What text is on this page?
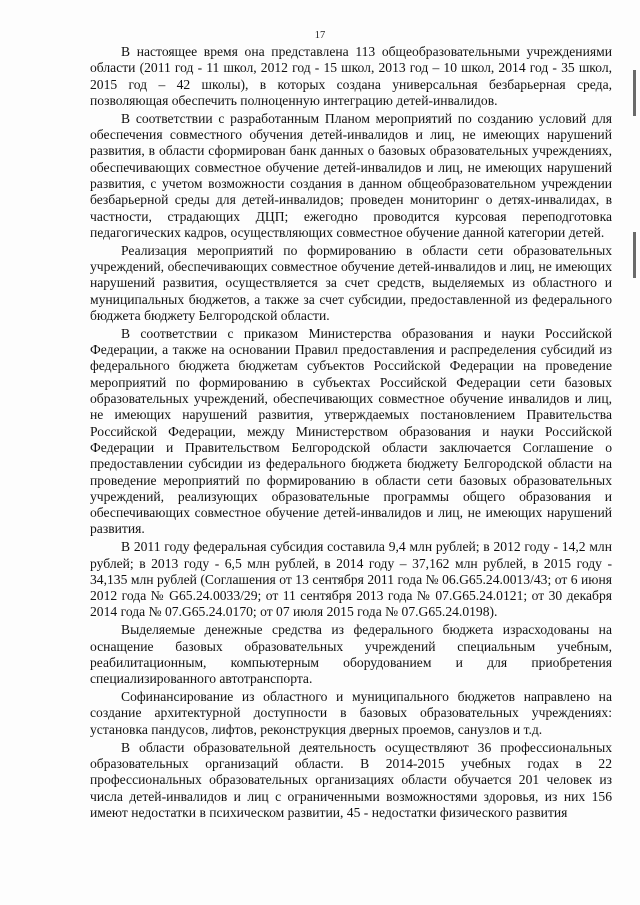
17

В настоящее время она представлена 113 общеобразовательными учреждениями области (2011 год - 11 школ, 2012 год - 15 школ, 2013 год – 10 школ, 2014 год - 35 школ, 2015 год – 42 школы), в которых создана универсальная безбарьерная среда, позволяющая обеспечить полноценную интеграцию детей-инвалидов.

В соответствии с разработанным Планом мероприятий по созданию условий для обеспечения совместного обучения детей-инвалидов и лиц, не имеющих нарушений развития, в области сформирован банк данных о базовых образовательных учреждениях, обеспечивающих совместное обучение детей-инвалидов и лиц, не имеющих нарушений развития, с учетом возможности создания в данном общеобразовательном учреждении безбарьерной среды для детей-инвалидов; проведен мониторинг о детях-инвалидах, в частности, страдающих ДЦП; ежегодно проводится курсовая переподготовка педагогических кадров, осуществляющих совместное обучение данной категории детей.

Реализация мероприятий по формированию в области сети образовательных учреждений, обеспечивающих совместное обучение детей-инвалидов и лиц, не имеющих нарушений развития, осуществляется за счет средств, выделяемых из областного и муниципальных бюджетов, а также за счет субсидии, предоставленной из федерального бюджета бюджету Белгородской области.

В соответствии с приказом Министерства образования и науки Российской Федерации, а также на основании Правил предоставления и распределения субсидий из федерального бюджета бюджетам субъектов Российской Федерации на проведение мероприятий по формированию в субъектах Российской Федерации сети базовых образовательных учреждений, обеспечивающих совместное обучение инвалидов и лиц, не имеющих нарушений развития, утверждаемых постановлением Правительства Российской Федерации, между Министерством образования и науки Российской Федерации и Правительством Белгородской области заключается Соглашение о предоставлении субсидии из федерального бюджета бюджету Белгородской области на проведение мероприятий по формированию в области сети базовых образовательных учреждений, реализующих образовательные программы общего образования и обеспечивающих совместное обучение детей-инвалидов и лиц, не имеющих нарушений развития.

В 2011 году федеральная субсидия составила 9,4 млн рублей; в 2012 году - 14,2 млн рублей; в 2013 году - 6,5 млн рублей, в 2014 году – 37,162 млн рублей, в 2015 году - 34,135 млн рублей (Соглашения от 13 сентября 2011 года № 06.G65.24.0013/43; от 6 июня 2012 года № G65.24.0033/29; от 11 сентября 2013 года № 07.G65.24.0121; от 30 декабря 2014 года № 07.G65.24.0170; от 07 июля 2015 года № 07.G65.24.0198).

Выделяемые денежные средства из федерального бюджета израсходованы на оснащение базовых образовательных учреждений специальным учебным, реабилитационным, компьютерным оборудованием и для приобретения специализированного автотранспорта.

Софинансирование из областного и муниципального бюджетов направлено на создание архитектурной доступности в базовых образовательных учреждениях: установка пандусов, лифтов, реконструкция дверных проемов, санузлов и т.д.

В области образовательной деятельность осуществляют 36 профессиональных образовательных организаций области. В 2014-2015 учебных годах в 22 профессиональных образовательных организациях области обучается 201 человек из числа детей-инвалидов и лиц с ограниченными возможностями здоровья, из них 156 имеют недостатки в психическом развитии, 45 - недостатки физического развития
